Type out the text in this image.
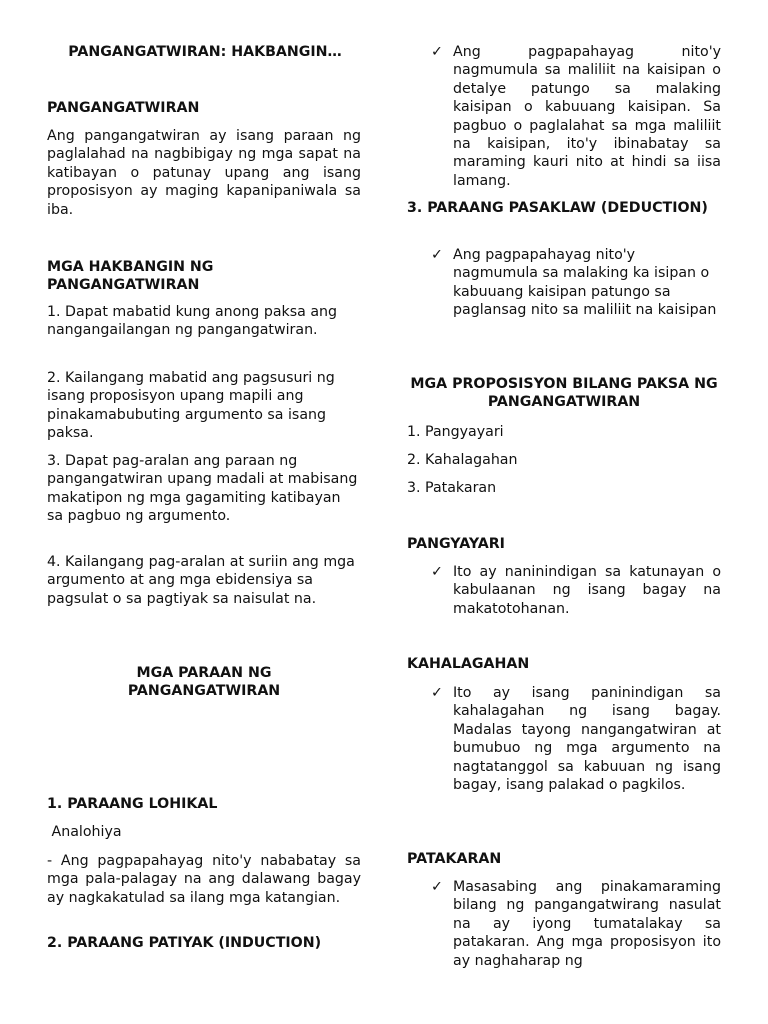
PANGANGATWIRAN: HAKBANGIN…

PANGANGATWIRAN

Ang pangangatwiran ay isang paraan ng paglalahad na nagbibigay ng mga sapat na katibayan o patunay upang ang isang proposisyon ay maging kapanipaniwala sa iba.

MGA HAKBANGIN NG PANGANGATWIRAN

1. Dapat mabatid kung anong paksa ang nangangailangan ng pangangatwiran.

2. Kailangang mabatid ang pagsusuri ng isang proposisyon upang mapili ang pinakamabubuting argumento sa isang paksa.

3. Dapat pag-aralan ang paraan ng pangangatwiran upang madali at mabisang makatipon ng mga gagamiting katibayan sa pagbuo ng argumento.

4. Kailangang pag-aralan at suriin ang mga argumento at ang mga ebidensiya sa pagsulat o sa pagtiyak sa naisulat na.

MGA PARAAN NG PANGANGATWIRAN

1. PARAANG LOHIKAL

Analohiya

- Ang pagpapahayag nito'y nababatay sa mga pala-palagay na ang dalawang bagay ay nagkakatulad sa ilang mga katangian.

2. PARAANG PATIYAK (INDUCTION)

✓ Ang pagpapahayag nito'y nagmumula sa maliliit na kaisipan o detalye patungo sa malaking kaisipan o kabuuang kaisipan. Sa pagbuo o paglalahat sa mga maliliit na kaisipan, ito'y ibinabatay sa maraming kauri nito at hindi sa iisa lamang.

3. PARAANG PASAKLAW (DEDUCTION)

✓ Ang pagpapahayag nito'y nagmumula sa malaking ka isipan o kabuuang kaisipan patungo sa paglansag nito sa maliliit na kaisipan

MGA PROPOSISYON BILANG PAKSA NG PANGANGATWIRAN

1. Pangyayari

2. Kahalagahan

3. Patakaran

PANGYAYARI

✓ Ito ay naninindigan sa katunayan o kabulaanan ng isang bagay na makatotohanan.

KAHALAGAHAN

✓ Ito ay isang paninindigan sa kahalagahan ng isang bagay. Madalas tayong nangangatwiran at bumubuo ng mga argumento na nagtatanggol sa kabuuan ng isang bagay, isang palakad o pagkilos.

PATAKARAN

✓ Masasabing ang pinakamaraming bilang ng pangangatwirang nasulat na ay iyong tumatalakay sa patakaran. Ang mga proposisyon ito ay naghaharap ng
